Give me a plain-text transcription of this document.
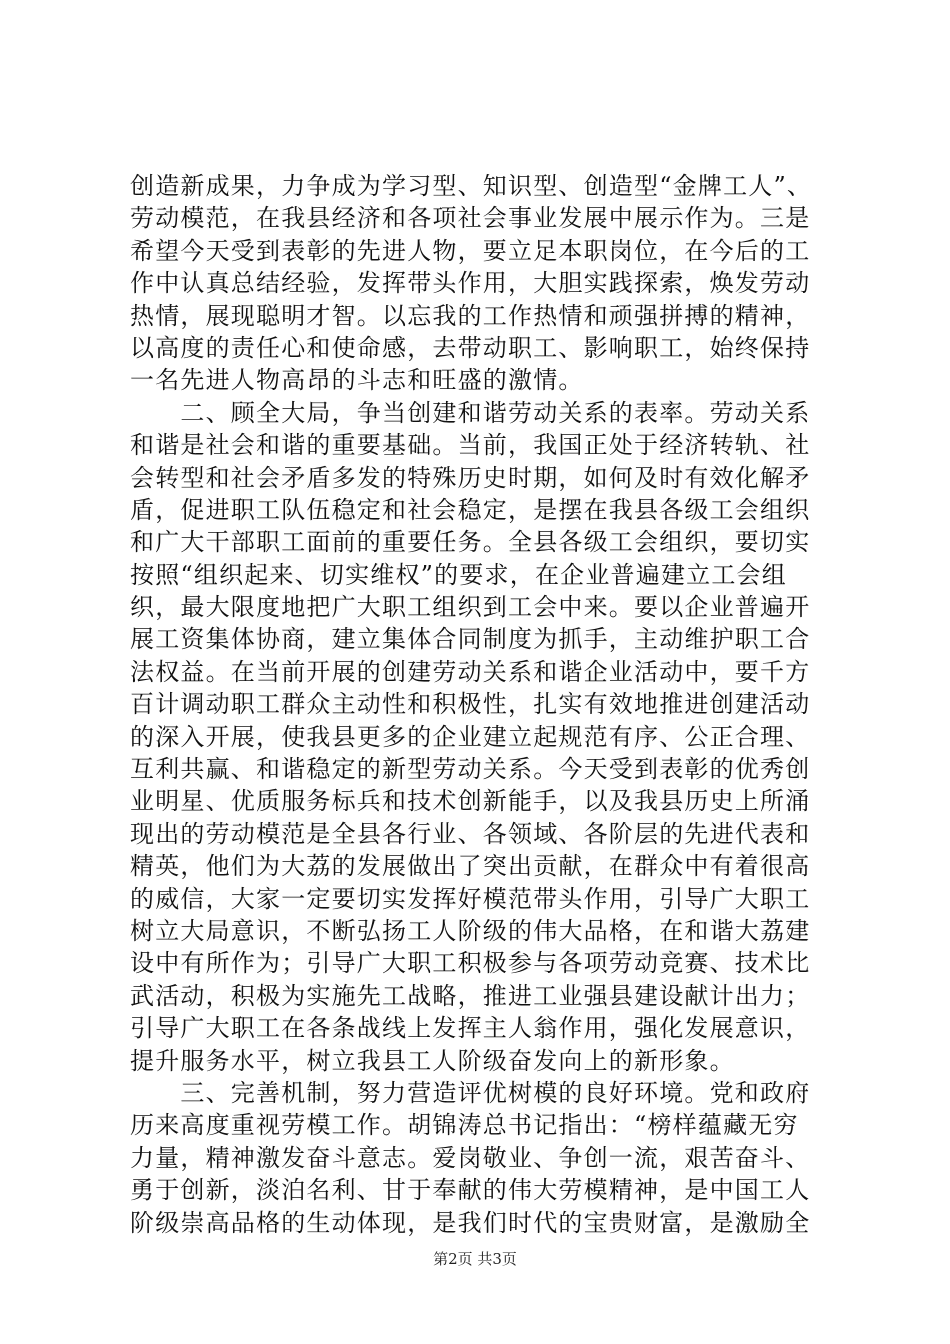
创造新成果，力争成为学习型、知识型、创造型“金牌工人”、
劳动模范，在我县经济和各项社会事业发展中展示作为。三是
希望今天受到表彰的先进人物，要立足本职岗位，在今后的工
作中认真总结经验，发挥带头作用，大胆实践探索，焕发劳动
热情，展现聪明才智。以忘我的工作热情和顽强拼搏的精神，
以高度的责任心和使命感，去带动职工、影响职工，始终保持
一名先进人物高昂的斗志和旺盛的激情。
　　二、顾全大局，争当创建和谐劳动关系的表率。劳动关系
和谐是社会和谐的重要基础。当前，我国正处于经济转轨、社
会转型和社会矛盾多发的特殊历史时期，如何及时有效化解矛
盾，促进职工队伍稳定和社会稳定，是摆在我县各级工会组织
和广大干部职工面前的重要任务。全县各级工会组织，要切实
按照“组织起来、切实维权”的要求，在企业普遍建立工会组
织，最大限度地把广大职工组织到工会中来。要以企业普遍开
展工资集体协商，建立集体合同制度为抓手，主动维护职工合
法权益。在当前开展的创建劳动关系和谐企业活动中，要千方
百计调动职工群众主动性和积极性，扎实有效地推进创建活动
的深入开展，使我县更多的企业建立起规范有序、公正合理、
互利共赢、和谐稳定的新型劳动关系。今天受到表彰的优秀创
业明星、优质服务标兵和技术创新能手，以及我县历史上所涌
现出的劳动模范是全县各行业、各领域、各阶层的先进代表和
精英，他们为大荔的发展做出了突出贡献，在群众中有着很高
的威信，大家一定要切实发挥好模范带头作用，引导广大职工
树立大局意识，不断弘扬工人阶级的伟大品格，在和谐大荔建
设中有所作为；引导广大职工积极参与各项劳动竞赛、技术比
武活动，积极为实施先工战略，推进工业强县建设献计出力；
引导广大职工在各条战线上发挥主人翁作用，强化发展意识，
提升服务水平，树立我县工人阶级奋发向上的新形象。
　　三、完善机制，努力营造评优树模的良好环境。党和政府
历来高度重视劳模工作。胡锦涛总书记指出：“榜样蕴藏无穷
力量，精神激发奋斗意志。爱岗敬业、争创一流，艰苦奋斗、
勇于创新，淡泊名利、甘于奉献的伟大劳模精神，是中国工人
阶级崇高品格的生动体现，是我们时代的宝贵财富，是激励全
第2页 共3页
